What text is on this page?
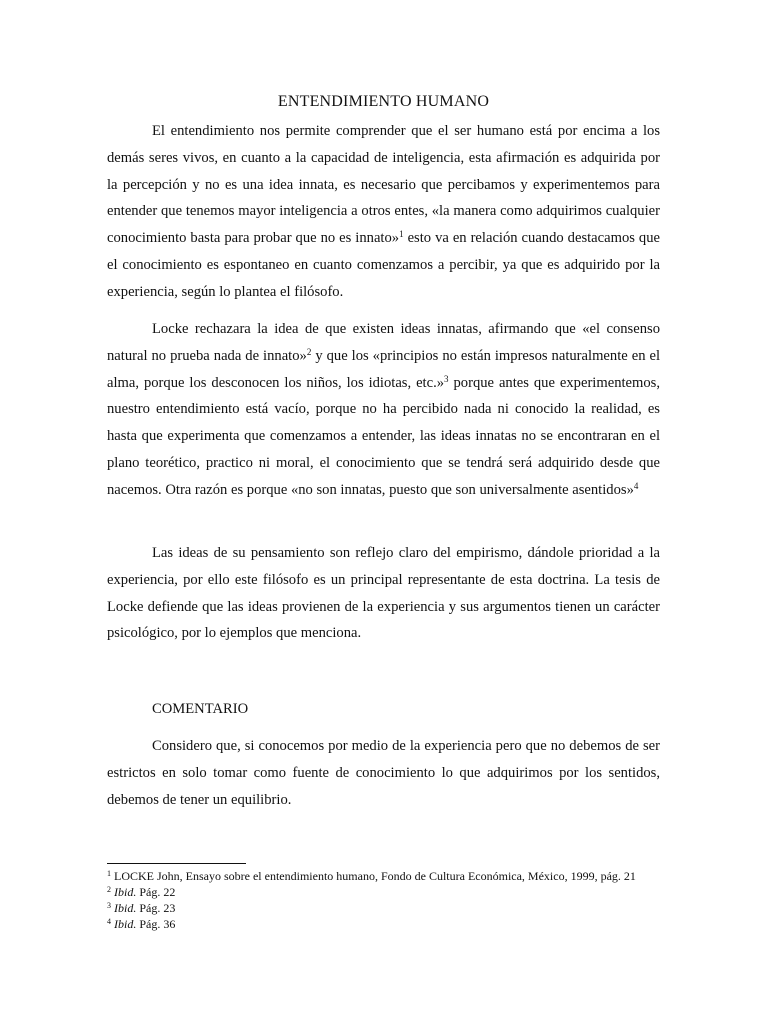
ENTENDIMIENTO HUMANO

El entendimiento nos permite comprender que el ser humano está por encima a los demás seres vivos, en cuanto a la capacidad de inteligencia, esta afirmación es adquirida por la percepción y no es una idea innata, es necesario que percibamos y experimentemos para entender que tenemos mayor inteligencia a otros entes, «la manera como adquirimos cualquier conocimiento basta para probar que no es innato»$^1$ esto va en relación cuando destacamos que el conocimiento es espontaneo en cuanto comenzamos a percibir, ya que es adquirido por la experiencia, según lo plantea el filósofo.

Locke rechazara la idea de que existen ideas innatas, afirmando que «el consenso natural no prueba nada de innato»$^2$ y que los «principios no están impresos naturalmente en el alma, porque los desconocen los niños, los idiotas, etc.»$^3$ porque antes que experimentemos, nuestro entendimiento está vacío, porque no ha percibido nada ni conocido la realidad, es hasta que experimenta que comenzamos a entender, las ideas innatas no se encontraran en el plano teorético, practico ni moral, el conocimiento que se tendrá será adquirido desde que nacemos. Otra razón es porque «no son innatas, puesto que son universalmente asentidos»$^4$

Las ideas de su pensamiento son reflejo claro del empirismo, dándole prioridad a la experiencia, por ello este filósofo es un principal representante de esta doctrina. La tesis de Locke defiende que las ideas provienen de la experiencia y sus argumentos tienen un carácter psicológico, por lo ejemplos que menciona.

COMENTARIO

Considero que, si conocemos por medio de la experiencia pero que no debemos de ser estrictos en solo tomar como fuente de conocimiento lo que adquirimos por los sentidos, debemos de tener un equilibrio.

$^1$ LOCKE John, Ensayo sobre el entendimiento humano, Fondo de Cultura Económica, México, 1999, pág. 21
$^2$ Ibid. Pág. 22
$^3$ Ibid. Pág. 23
$^4$ Ibid. Pág. 36
